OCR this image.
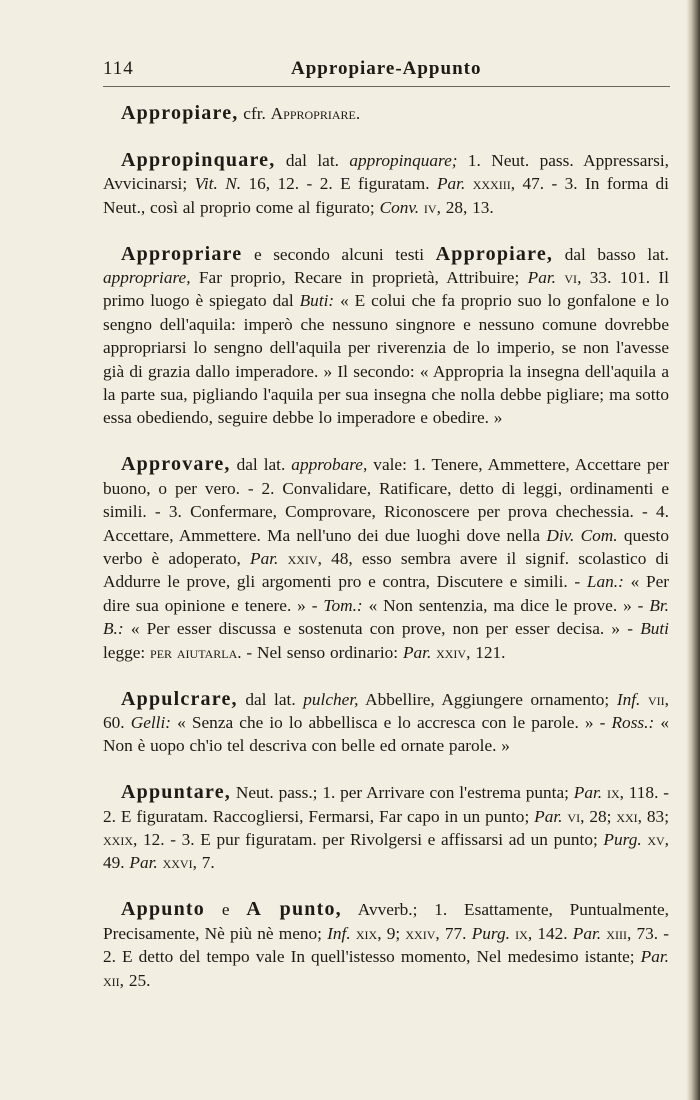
114	Appropiare-Appunto

Appropiare, cfr. Appropriare.

Appropinquare, dal lat. appropinquare; 1. Neut. pass. Appressarsi, Avvicinarsi; Vit. N. 16, 12. - 2. E figuratam. Par. xxxiii, 47. - 3. In forma di Neut., così al proprio come al figurato; Conv. iv, 28, 13.

Appropriare e secondo alcuni testi Appropiare, dal basso lat. appropriare, Far proprio, Recare in proprietà, Attribuire; Par. vi, 33. 101. Il primo luogo è spiegato dal Buti: « E colui che fa proprio suo lo gonfalone e lo sengno dell'aquila: imperò che nessuno singnore e nessuno comune dovrebbe appropriarsi lo sengno dell'aquila per riverenzia de lo imperio, se non l'avesse già di grazia dallo imperadore. » Il secondo: « Appropria la insegna dell'aquila a la parte sua, pigliando l'aquila per sua insegna che nolla debbe pigliare; ma sotto essa obediendo, seguire debbe lo imperadore e obedire. »

Approvare, dal lat. approbare, vale: 1. Tenere, Ammettere, Accettare per buono, o per vero. - 2. Convalidare, Ratificare, detto di leggi, ordinamenti e simili. - 3. Confermare, Comprovare, Riconoscere per prova chechessia. - 4. Accettare, Ammettere. Ma nell'uno dei due luoghi dove nella Div. Com. questo verbo è adoperato, Par. xxiv, 48, esso sembra avere il signif. scolastico di Addurre le prove, gli argomenti pro e contra, Discutere e simili. - Lan.: « Per dire sua opinione e tenere. » - Tom.: « Non sentenzia, ma dice le prove. » - Br. B.: « Per esser discussa e sostenuta con prove, non per esser decisa. » - Buti legge: per aiutarla. - Nel senso ordinario: Par. xxiv, 121.

Appulcrare, dal lat. pulcher, Abbellire, Aggiungere ornamento; Inf. vii, 60. Gelli: « Senza che io lo abbellisca e lo accresca con le parole. » - Ross.: « Non è uopo ch'io tel descriva con belle ed ornate parole. »

Appuntare, Neut. pass.; 1. per Arrivare con l'estrema punta; Par. ix, 118. - 2. E figuratam. Raccogliersi, Fermarsi, Far capo in un punto; Par. vi, 28; xxi, 83; xxix, 12. - 3. E pur figuratam. per Rivolgersi e affissarsi ad un punto; Purg. xv, 49. Par. xxvi, 7.

Appunto e A punto, Avverb.; 1. Esattamente, Puntualmente, Precisamente, Nè più nè meno; Inf. xix, 9; xxiv, 77. Purg. ix, 142. Par. xiii, 73. - 2. E detto del tempo vale In quell'istesso momento, Nel medesimo istante; Par. xii, 25.
